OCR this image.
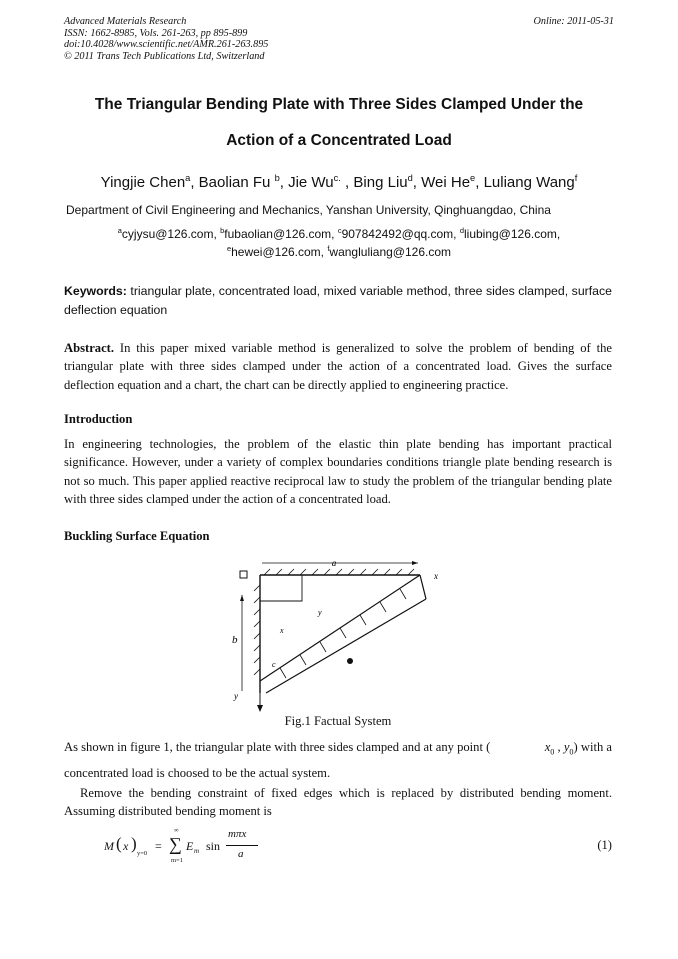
Advanced Materials Research
ISSN: 1662-8985, Vols. 261-263, pp 895-899
doi:10.4028/www.scientific.net/AMR.261-263.895
© 2011 Trans Tech Publications Ltd, Switzerland
Online: 2011-05-31
The Triangular Bending Plate with Three Sides Clamped Under the
Action of a Concentrated Load
Yingjie Chen$^a$, Baolian Fu $^b$, Jie $Wu^{c.}$ , Bing Liu$^d$, Wei He$^e$, Luliang Wang$^f$
Department of Civil Engineering and Mechanics, Yanshan University, Qinghuangdao, China
$^a$cyjysu@126.com, $^b$fubaolian@126.com, $^c$907842492@qq.com, $^d$liubing@126.com,
$^e$hewei@126.com, $^f$wangluliang@126.com
Keywords: triangular plate, concentrated load, mixed variable method, three sides clamped, surface deflection equation
Abstract. In this paper mixed variable method is generalized to solve the problem of bending of the triangular plate with three sides clamped under the action of a concentrated load. Gives the surface deflection equation and a chart, the chart can be directly applied to engineering practice.
Introduction
In engineering technologies, the problem of the elastic thin plate bending has important practical significance. However, under a variety of complex boundaries conditions triangle plate bending research is not so much. This paper applied reactive reciprocal law to study the problem of the triangular bending plate with three sides clamped under the action of a concentrated load.
Buckling Surface Equation
a
b
y
x
c
x
y
Fig.1 Factual System
As shown in figure 1, the triangular plate with three sides clamped and at any point (	$x_0$ , $y_0$) with a
concentrated load is choosed to be the actual system.
Remove the bending constraint of fixed edges which is replaced by distributed bending moment. Assuming distributed bending moment is
M ( x )
y=0
=
∞
∑
m=1
E m sin
mπx
a
(1)
